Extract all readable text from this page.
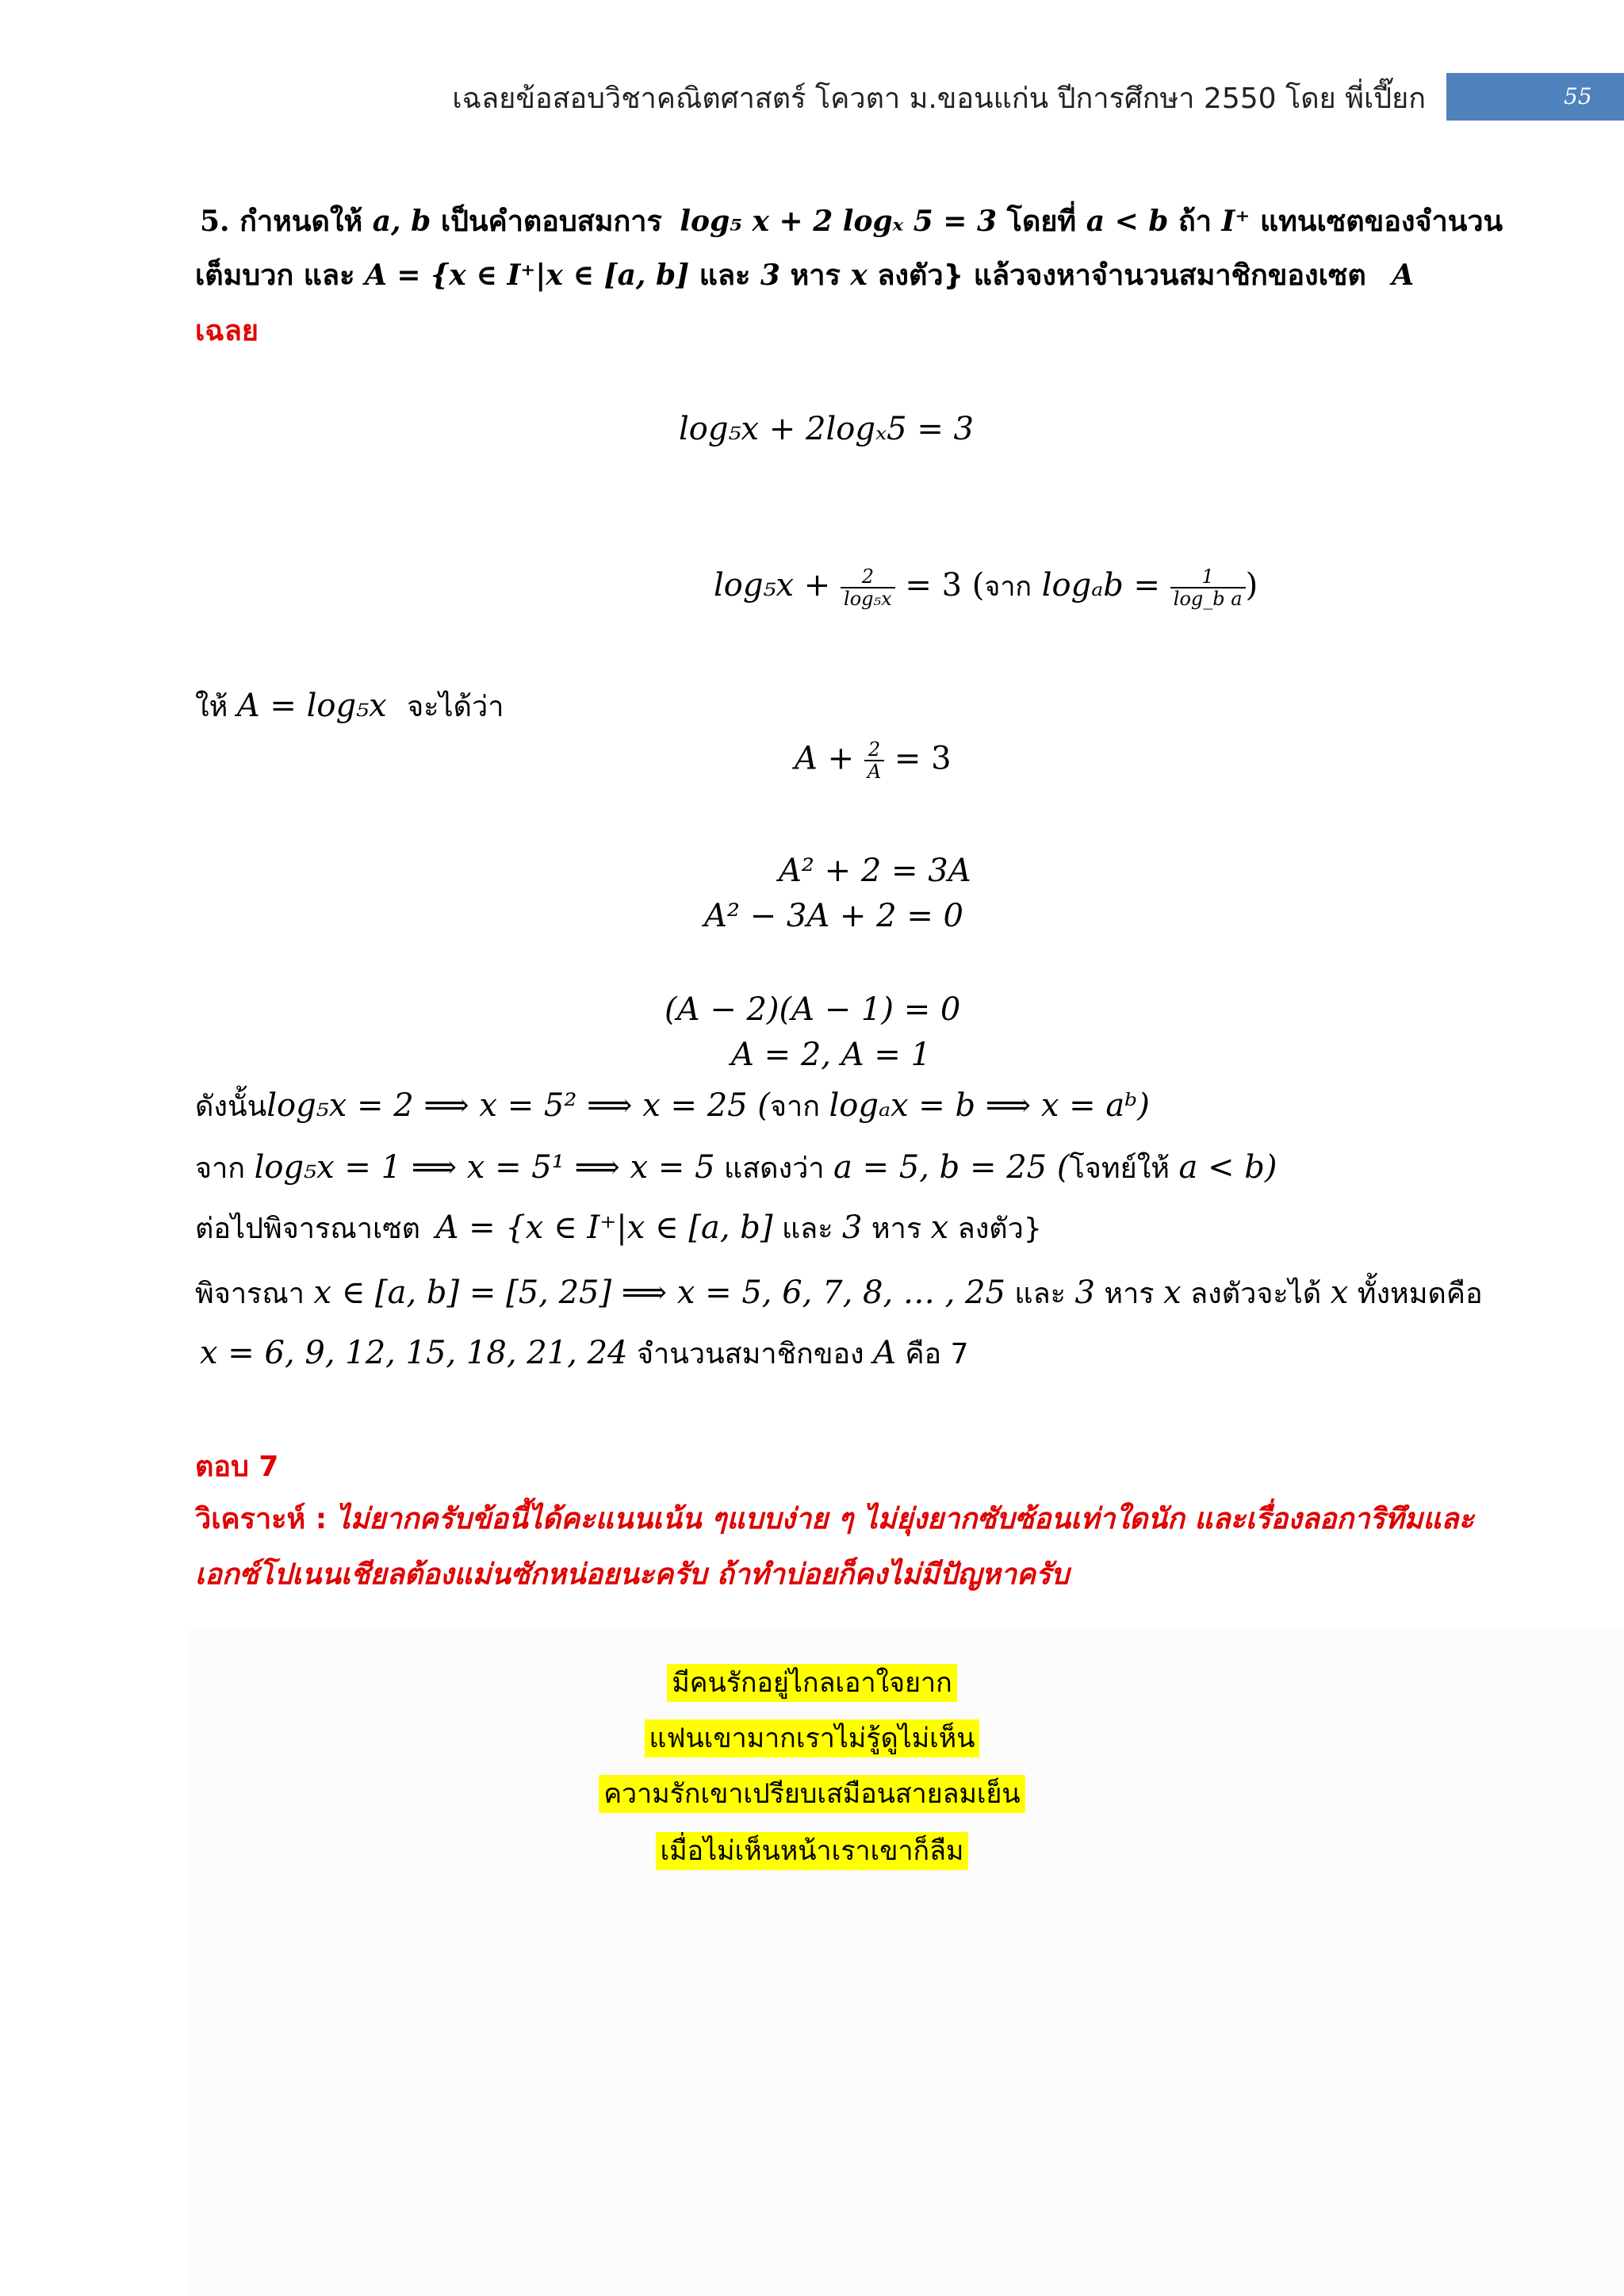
เฉลยข้อสอบวิชาคณิตศาสตร์ โควตา ม.ขอนแก่น ปีการศึกษา 2550 โดย พี่เปี๊ยก	55
5. กำหนดให้ a, b เป็นคำตอบสมการ log₅ x + 2 logₓ 5 = 3 โดยที่ a < b ถ้า I⁺ แทนเซตของจำนวน
เต็มบวก และ A = {x ∈ I⁺|x ∈ [a, b] และ 3 หาร x ลงตัว} แล้วจงหาจำนวนสมาชิกของเซต A
เฉลย
log₅x + 2logₓ5 = 3
$\log_5x + \frac{2}{\text{log₅x}} = 3$ (จาก $\log_ab = \frac{1}{\text{log\_b a}}$ )
ให้ A = log₅x จะได้ว่า
$A + \frac{2}{A} = 3$
A² + 2 = 3A
A² − 3A + 2 = 0
(A − 2)(A − 1) = 0
A = 2, A = 1
ดังนั้นlog₅x = 2 ⟹ x = 5² ⟹ x = 25 (จาก logₐx = b ⟹ x = aᵇ)
จาก log₅x = 1 ⟹ x = 5¹ ⟹ x = 5 แสดงว่า a = 5, b = 25 (โจทย์ให้ a < b)
ต่อไปพิจารณาเซต A = {x ∈ I⁺|x ∈ [a, b] และ 3 หาร x ลงตัว}
พิจารณา x ∈ [a, b] = [5, 25] ⟹ x = 5, 6, 7, 8, … , 25 และ 3 หาร x ลงตัวจะได้ x ทั้งหมดคือ
x = 6, 9, 12, 15, 18, 21, 24 จำนวนสมาชิกของ A คือ 7
ตอบ 7
วิเคราะห์ : ไม่ยากครับข้อนี้ได้คะแนนเน้น ๆแบบง่าย ๆ ไม่ยุ่งยากซับซ้อนเท่าใดนัก และเรื่องลอการิทึมและ
เอกซ์โปเนนเชียลต้องแม่นซักหน่อยนะครับ ถ้าทำบ่อยก็คงไม่มีปัญหาครับ
มีคนรักอยู่ไกลเอาใจยาก
แฟนเขามากเราไม่รู้ดูไม่เห็น
ความรักเขาเปรียบเสมือนสายลมเย็น
เมื่อไม่เห็นหน้าเราเขาก็ลืม
